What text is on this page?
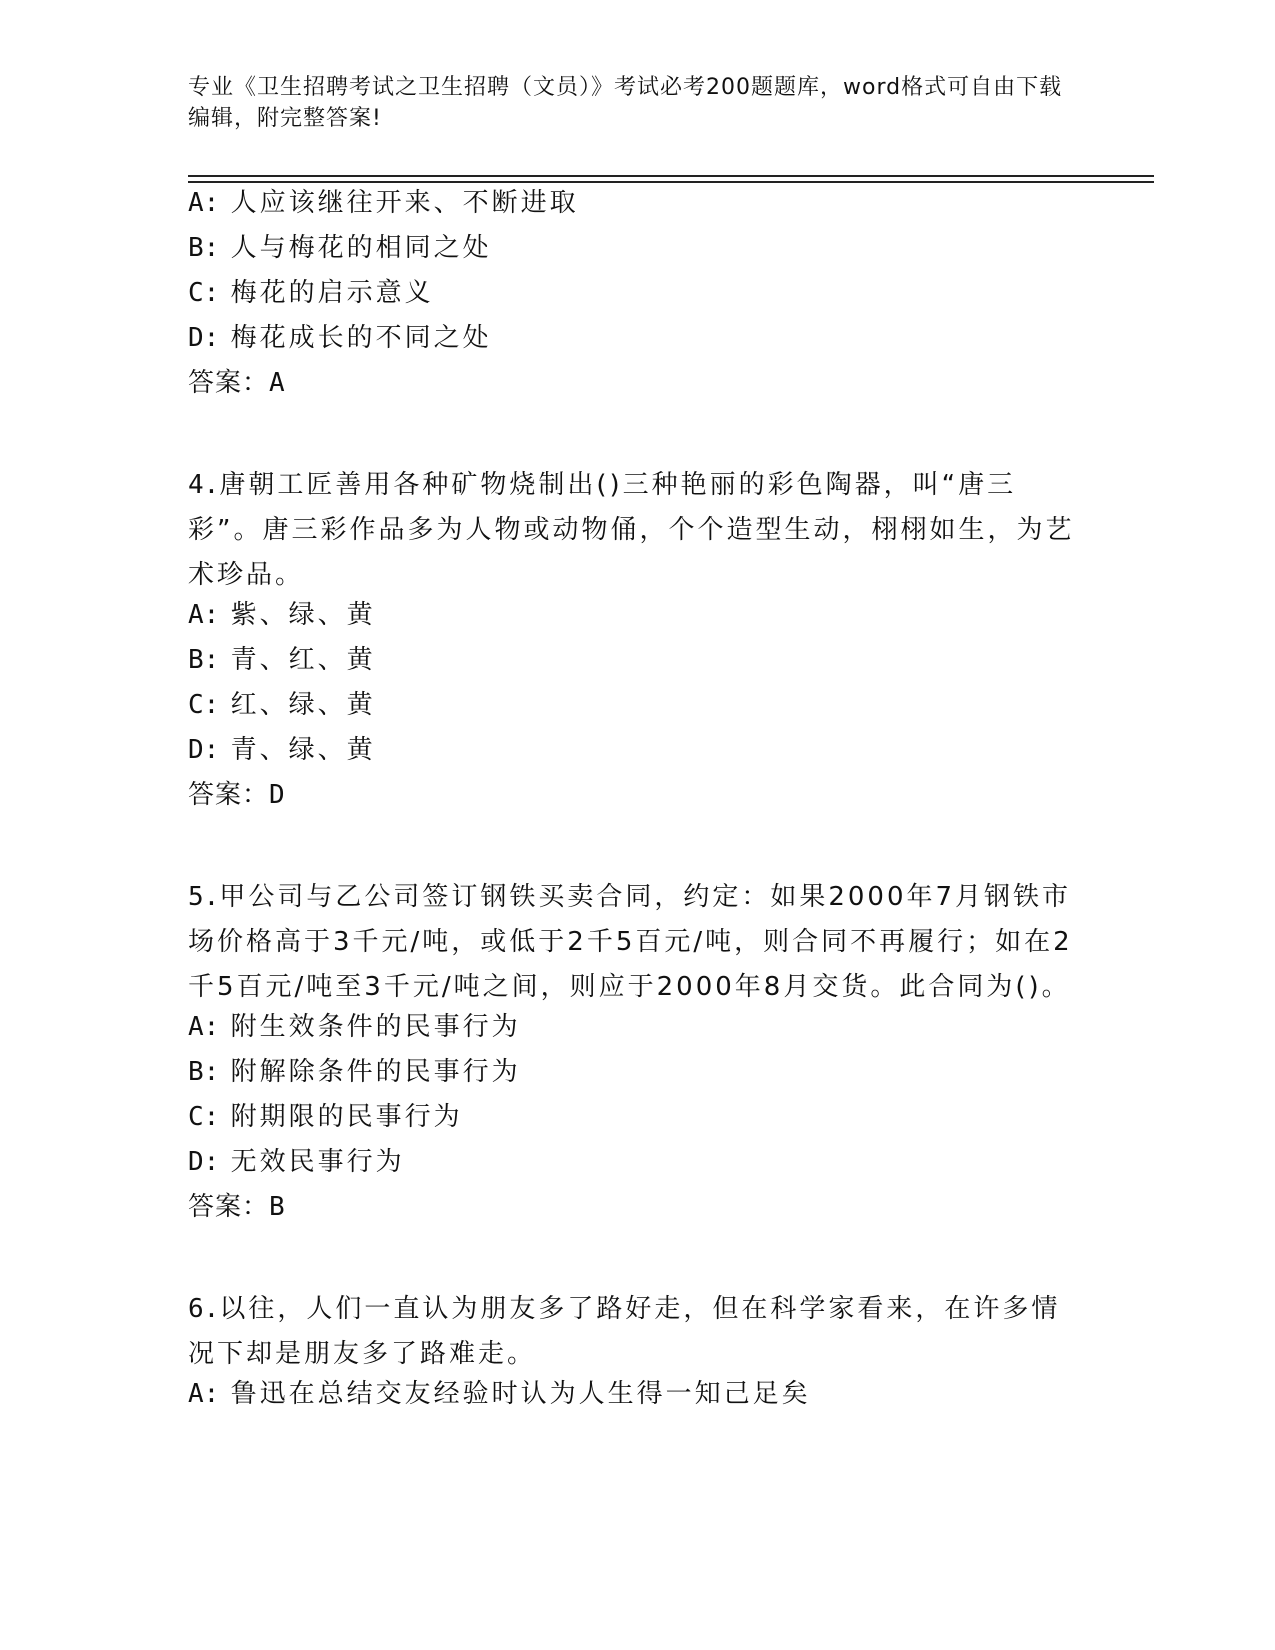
专业《卫生招聘考试之卫生招聘（文员）》考试必考200题题库，word格式可自由下载编辑，附完整答案!
A: 人应该继往开来、不断进取
B: 人与梅花的相同之处
C: 梅花的启示意义
D: 梅花成长的不同之处
答案：A
4.唐朝工匠善用各种矿物烧制出()三种艳丽的彩色陶器，叫“唐三彩”。唐三彩作品多为人物或动物俑，个个造型生动，栩栩如生，为艺术珍品。
A: 紫、绿、黄
B: 青、红、黄
C: 红、绿、黄
D: 青、绿、黄
答案：D
5.甲公司与乙公司签订钢铁买卖合同，约定：如果2000年7月钢铁市场价格高于3千元/吨，或低于2千5百元/吨，则合同不再履行；如在2千5百元/吨至3千元/吨之间，则应于2000年8月交货。此合同为()。
A: 附生效条件的民事行为
B: 附解除条件的民事行为
C: 附期限的民事行为
D: 无效民事行为
答案：B
6.以往，人们一直认为朋友多了路好走，但在科学家看来，在许多情况下却是朋友多了路难走。
A: 鲁迅在总结交友经验时认为人生得一知己足矣
